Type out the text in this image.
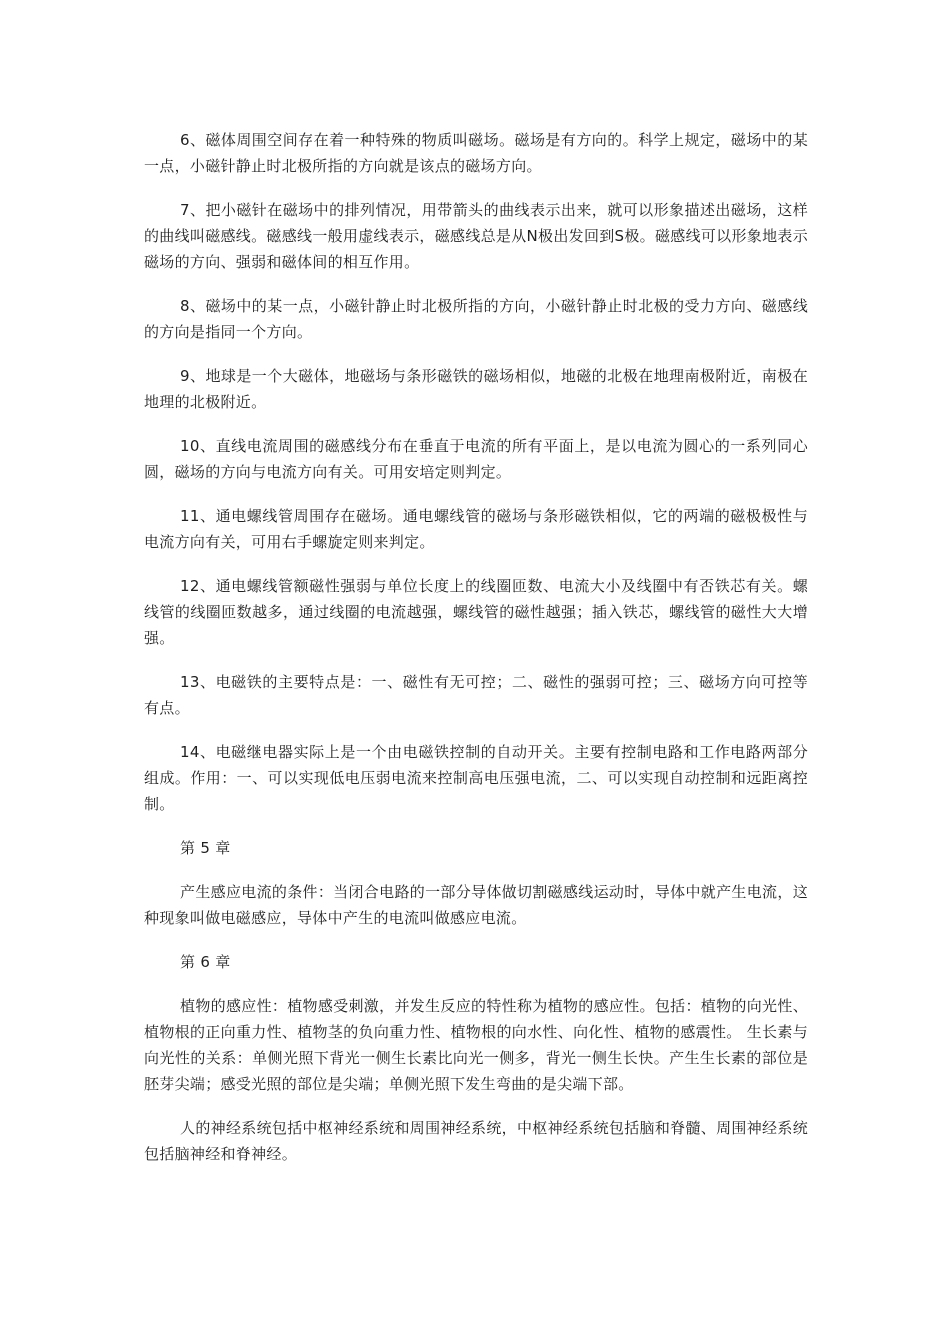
6、磁体周围空间存在着一种特殊的物质叫磁场。磁场是有方向的。科学上规定，磁场中的某一点，小磁针静止时北极所指的方向就是该点的磁场方向。

7、把小磁针在磁场中的排列情况，用带箭头的曲线表示出来，就可以形象描述出磁场，这样的曲线叫磁感线。磁感线一般用虚线表示，磁感线总是从N极出发回到S极。磁感线可以形象地表示磁场的方向、强弱和磁体间的相互作用。

8、磁场中的某一点，小磁针静止时北极所指的方向，小磁针静止时北极的受力方向、磁感线的方向是指同一个方向。

9、地球是一个大磁体，地磁场与条形磁铁的磁场相似，地磁的北极在地理南极附近，南极在地理的北极附近。

10、直线电流周围的磁感线分布在垂直于电流的所有平面上，是以电流为圆心的一系列同心圆，磁场的方向与电流方向有关。可用安培定则判定。

11、通电螺线管周围存在磁场。通电螺线管的磁场与条形磁铁相似，它的两端的磁极极性与电流方向有关，可用右手螺旋定则来判定。

12、通电螺线管额磁性强弱与单位长度上的线圈匝数、电流大小及线圈中有否铁芯有关。螺线管的线圈匝数越多，通过线圈的电流越强，螺线管的磁性越强；插入铁芯，螺线管的磁性大大增强。

13、电磁铁的主要特点是：一、磁性有无可控；二、磁性的强弱可控；三、磁场方向可控等有点。

14、电磁继电器实际上是一个由电磁铁控制的自动开关。主要有控制电路和工作电路两部分组成。作用：一、可以实现低电压弱电流来控制高电压强电流，二、可以实现自动控制和远距离控制。

第 5 章

产生感应电流的条件：当闭合电路的一部分导体做切割磁感线运动时，导体中就产生电流，这种现象叫做电磁感应，导体中产生的电流叫做感应电流。

第 6 章

植物的感应性：植物感受刺激，并发生反应的特性称为植物的感应性。包括：植物的向光性、植物根的正向重力性、植物茎的负向重力性、植物根的向水性、向化性、植物的感震性。 生长素与向光性的关系：单侧光照下背光一侧生长素比向光一侧多，背光一侧生长快。产生生长素的部位是胚芽尖端；感受光照的部位是尖端；单侧光照下发生弯曲的是尖端下部。

人的神经系统包括中枢神经系统和周围神经系统，中枢神经系统包括脑和脊髓、周围神经系统包括脑神经和脊神经。
